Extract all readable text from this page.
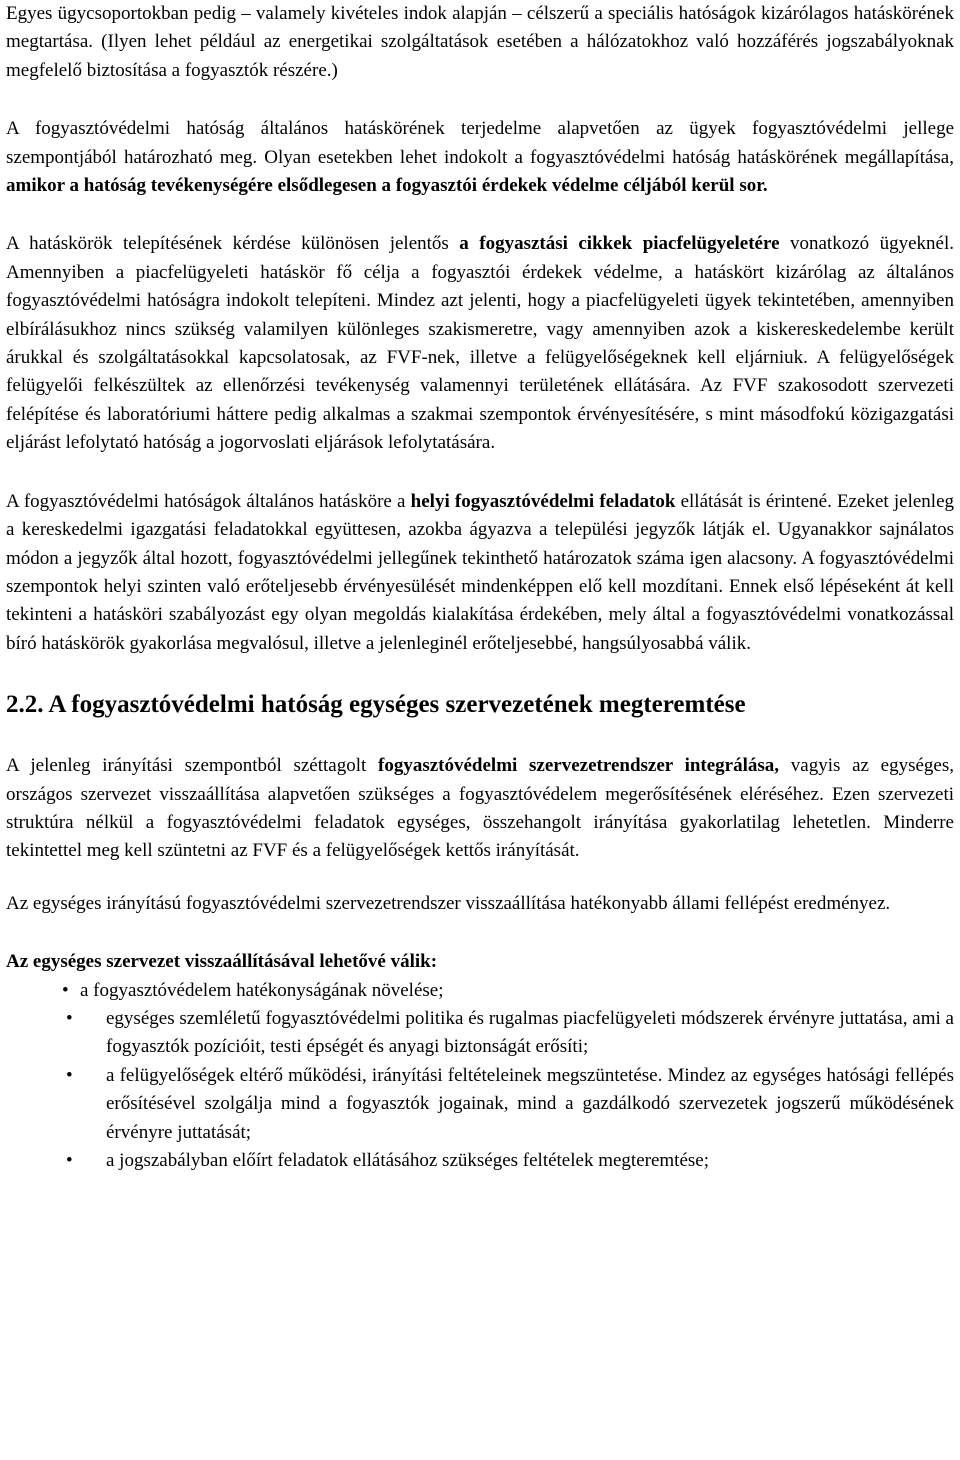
Egyes ügycsoportokban pedig – valamely kivételes indok alapján – célszerű a speciális hatóságok kizárólagos hatáskörének megtartása. (Ilyen lehet például az energetikai szolgáltatások esetében a hálózatokhoz való hozzáférés jogszabályoknak megfelelő biztosítása a fogyasztók részére.)

A fogyasztóvédelmi hatóság általános hatáskörének terjedelme alapvetően az ügyek fogyasztóvédelmi jellege szempontjából határozható meg. Olyan esetekben lehet indokolt a fogyasztóvédelmi hatóság hatáskörének megállapítása, amikor a hatóság tevékenységére elsődlegesen a fogyasztói érdekek védelme céljából kerül sor.

A hatáskörök telepítésének kérdése különösen jelentős a fogyasztási cikkek piacfelügyeletére vonatkozó ügyeknél. Amennyiben a piacfelügyeleti hatáskör fő célja a fogyasztói érdekek védelme, a hatáskört kizárólag az általános fogyasztóvédelmi hatóságra indokolt telepíteni. Mindez azt jelenti, hogy a piacfelügyeleti ügyek tekintetében, amennyiben elbírálásukhoz nincs szükség valamilyen különleges szakismeretre, vagy amennyiben azok a kiskereskedelembe került árukkal és szolgáltatásokkal kapcsolatosak, az FVF-nek, illetve a felügyelőségeknek kell eljárniuk. A felügyelőségek felügyelői felkészültek az ellenőrzési tevékenység valamennyi területének ellátására. Az FVF szakosodott szervezeti felépítése és laboratóriumi háttere pedig alkalmas a szakmai szempontok érvényesítésére, s mint másodfokú közigazgatási eljárást lefolytató hatóság a jogorvoslati eljárások lefolytatására.

A fogyasztóvédelmi hatóságok általános hatásköre a helyi fogyasztóvédelmi feladatok ellátását is érintené. Ezeket jelenleg a kereskedelmi igazgatási feladatokkal együttesen, azokba ágyazva a települési jegyzők látják el. Ugyanakkor sajnálatos módon a jegyzők által hozott, fogyasztóvédelmi jellegűnek tekinthető határozatok száma igen alacsony. A fogyasztóvédelmi szempontok helyi szinten való erőteljesebb érvényesülését mindenképpen elő kell mozdítani. Ennek első lépéseként át kell tekinteni a hatásköri szabályozást egy olyan megoldás kialakítása érdekében, mely által a fogyasztóvédelmi vonatkozással bíró hatáskörök gyakorlása megvalósul, illetve a jelenleginél erőteljesebbé, hangsúlyosabbá válik.

2.2. A fogyasztóvédelmi hatóság egységes szervezetének megteremtése

A jelenleg irányítási szempontból széttagolt fogyasztóvédelmi szervezetrendszer integrálása, vagyis az egységes, országos szervezet visszaállítása alapvetően szükséges a fogyasztóvédelem megerősítésének eléréséhez. Ezen szervezeti struktúra nélkül a fogyasztóvédelmi feladatok egységes, összehangolt irányítása gyakorlatilag lehetetlen. Minderre tekintettel meg kell szüntetni az FVF és a felügyelőségek kettős irányítását.

Az egységes irányítású fogyasztóvédelmi szervezetrendszer visszaállítása hatékonyabb állami fellépést eredményez.

Az egységes szervezet visszaállításával lehetővé válik:

• a fogyasztóvédelem hatékonyságának növelése;
• egységes szemléletű fogyasztóvédelmi politika és rugalmas piacfelügyeleti módszerek érvényre juttatása, ami a fogyasztók pozícióit, testi épségét és anyagi biztonságát erősíti;
• a felügyelőségek eltérő működési, irányítási feltételeinek megszüntetése. Mindez az egységes hatósági fellépés erősítésével szolgálja mind a fogyasztók jogainak, mind a gazdálkodó szervezetek jogszerű működésének érvényre juttatását;
• a jogszabályban előírt feladatok ellátásához szükséges feltételek megteremtése;
